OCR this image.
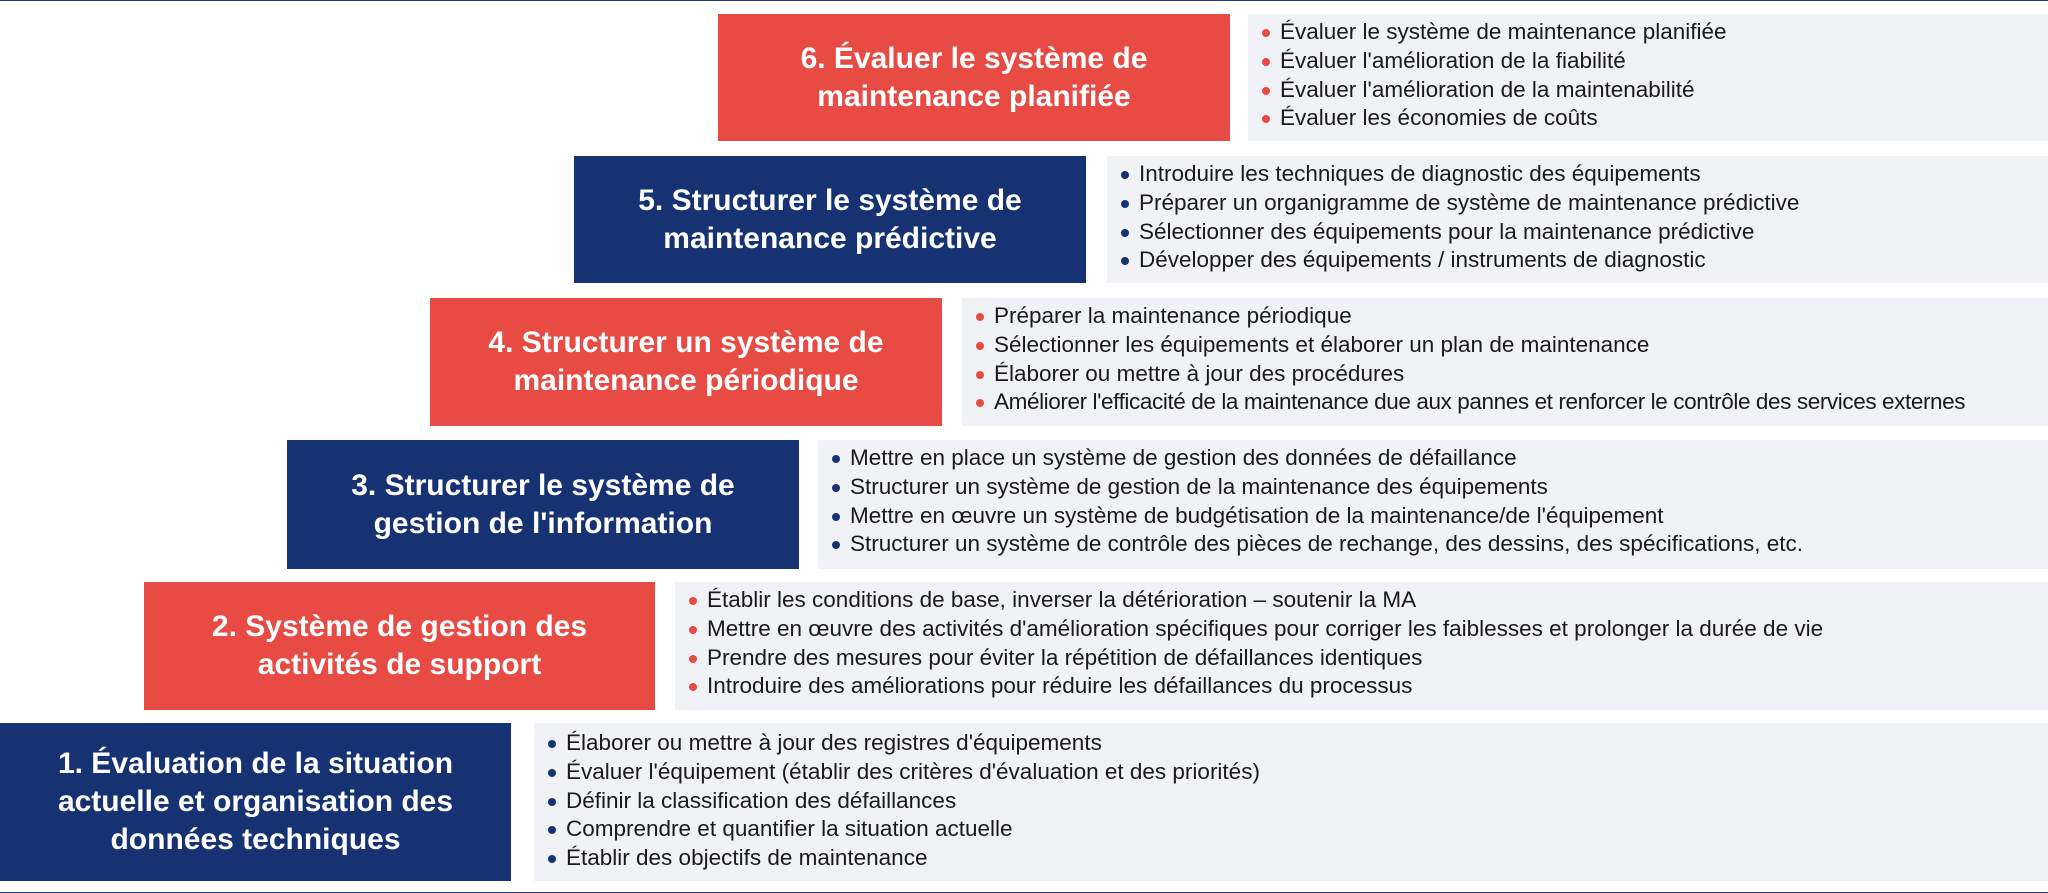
6. Évaluer le système de maintenance planifiée
Évaluer le système de maintenance planifiée
Évaluer l'amélioration de la fiabilité
Évaluer l'amélioration de la maintenabilité
Évaluer les économies de coûts
5. Structurer le système de maintenance prédictive
Introduire les techniques de diagnostic des équipements
Préparer un organigramme de système de maintenance prédictive
Sélectionner des équipements pour la maintenance prédictive
Développer des équipements / instruments de diagnostic
4. Structurer un système de maintenance périodique
Préparer la maintenance périodique
Sélectionner les équipements et élaborer un plan de maintenance
Élaborer ou mettre à jour des procédures
Améliorer l'efficacité de la maintenance due aux pannes et renforcer le contrôle des services externes
3. Structurer le système de gestion de l'information
Mettre en place un système de gestion des données de défaillance
Structurer un système de gestion de la maintenance des équipements
Mettre en œuvre un système de budgétisation de la maintenance/de l'équipement
Structurer un système de contrôle des pièces de rechange, des dessins, des spécifications, etc.
2. Système de gestion des activités de support
Établir les conditions de base, inverser la détérioration – soutenir la MA
Mettre en œuvre des activités d'amélioration spécifiques pour corriger les faiblesses et prolonger la durée de vie
Prendre des mesures pour éviter la répétition de défaillances identiques
Introduire des améliorations pour réduire les défaillances du processus
1. Évaluation de la situation actuelle et organisation des données techniques
Élaborer ou mettre à jour des registres d'équipements
Évaluer l'équipement (établir des critères d'évaluation et des priorités)
Définir la classification des défaillances
Comprendre et quantifier la situation actuelle
Établir des objectifs de maintenance
